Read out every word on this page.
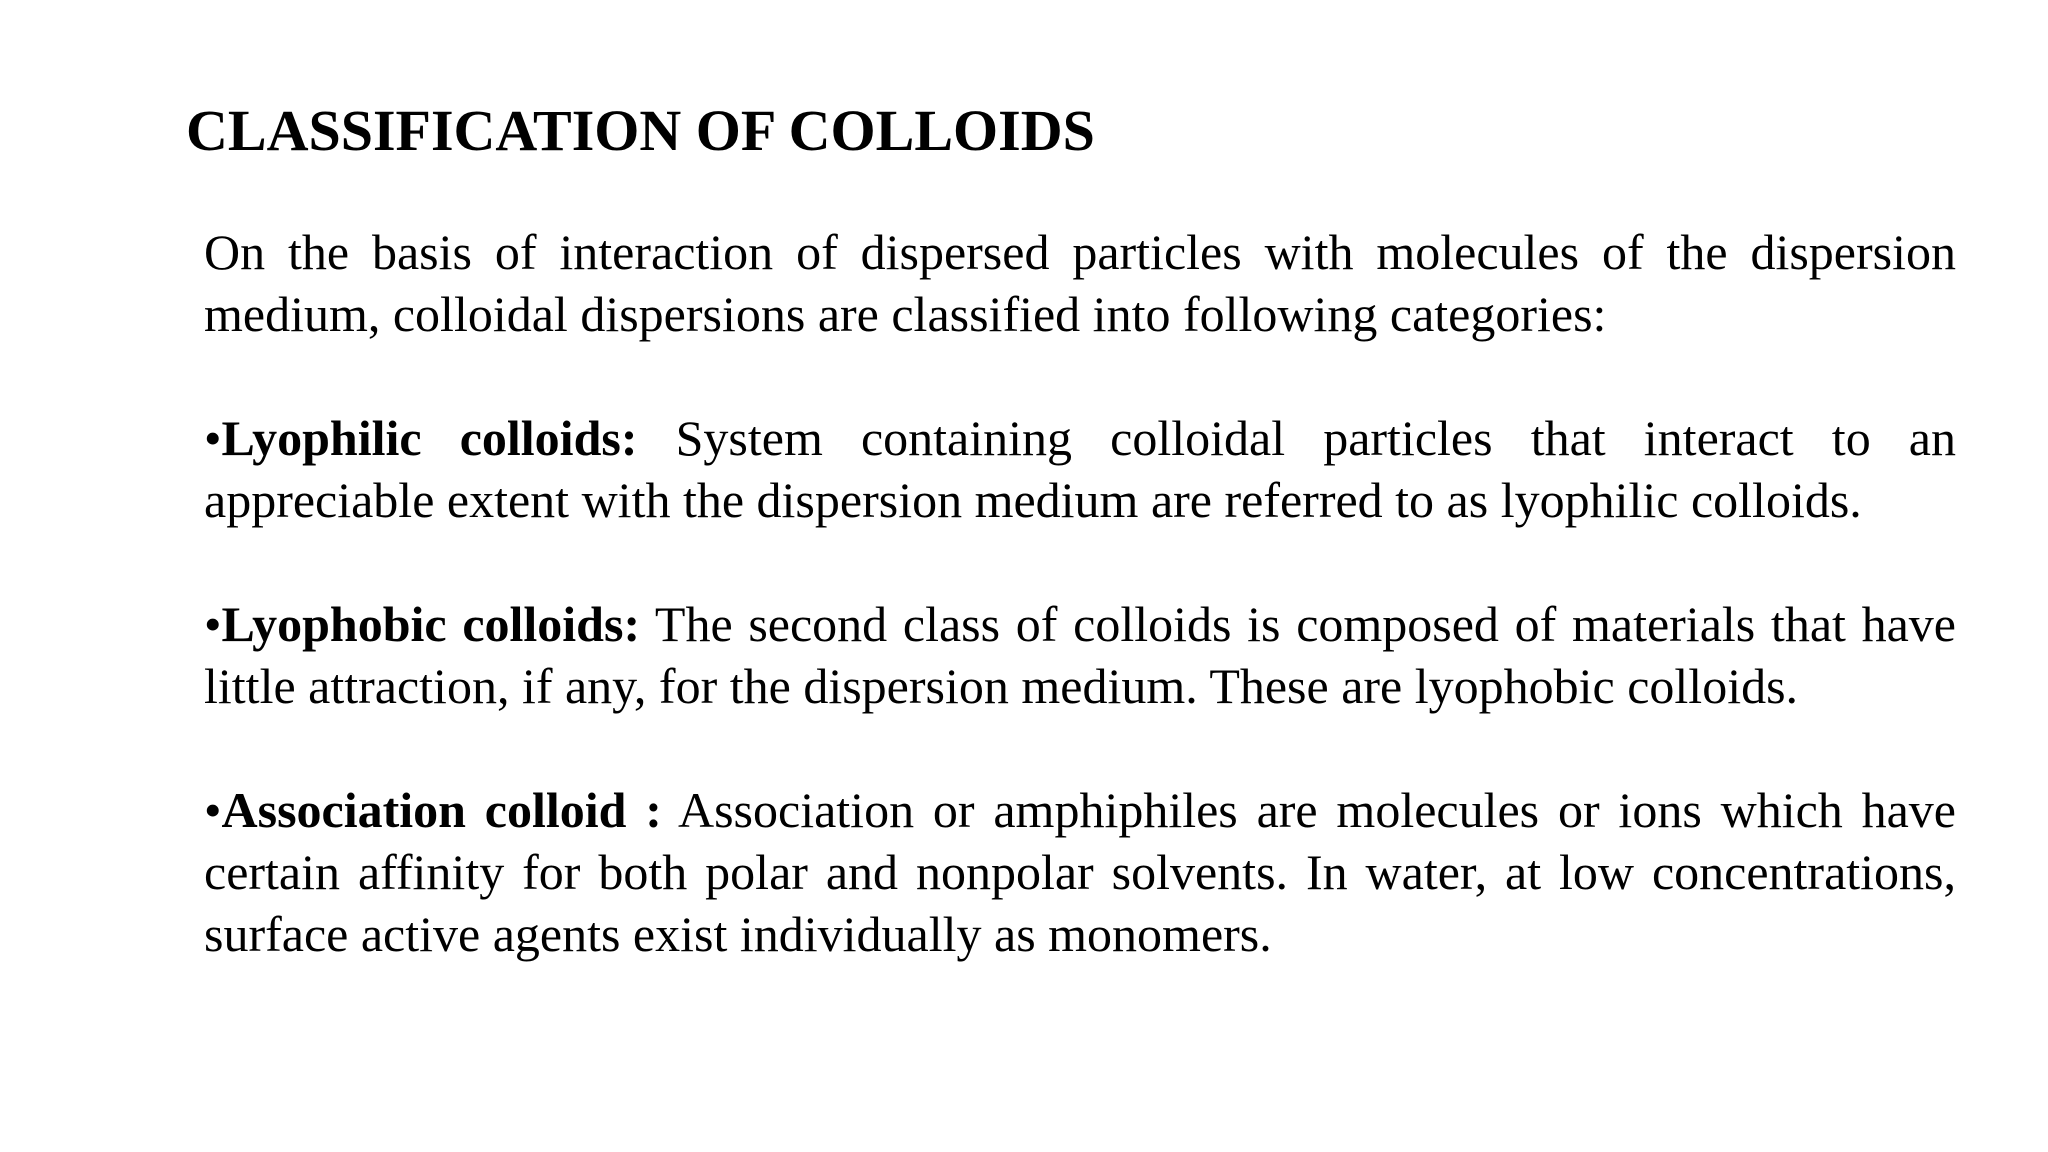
CLASSIFICATION OF COLLOIDS

On the basis of interaction of dispersed particles with molecules of the dispersion medium, colloidal dispersions are classified into following categories:

•Lyophilic colloids: System containing colloidal particles that interact to an appreciable extent with the dispersion medium are referred to as lyophilic colloids.

•Lyophobic colloids: The second class of colloids is composed of materials that have little attraction, if any, for the dispersion medium. These are lyophobic colloids.

•Association colloid : Association or amphiphiles are molecules or ions which have certain affinity for both polar and nonpolar solvents. In water, at low concentrations, surface active agents exist individually as monomers.
